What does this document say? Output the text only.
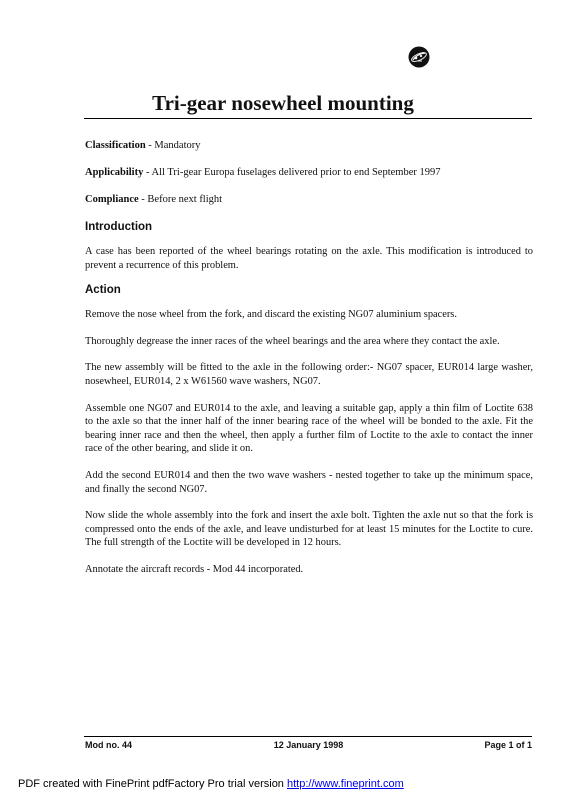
Tri-gear nosewheel mounting

Classification - Mandatory

Applicability - All Tri-gear Europa fuselages delivered prior to end September 1997

Compliance - Before next flight

Introduction

A case has been reported of the wheel bearings rotating on the axle. This modification is introduced to prevent a recurrence of this problem.

Action

Remove the nose wheel from the fork, and discard the existing NG07 aluminium spacers.

Thoroughly degrease the inner races of the wheel bearings and the area where they contact the axle.

The new assembly will be fitted to the axle in the following order:- NG07 spacer, EUR014 large washer, nosewheel, EUR014, 2 x W61560 wave washers, NG07.

Assemble one NG07 and EUR014 to the axle, and leaving a suitable gap, apply a thin film of Loctite 638 to the axle so that the inner half of the inner bearing race of the wheel will be bonded to the axle. Fit the bearing inner race and then the wheel, then apply a further film of Loctite to the axle to contact the inner race of the other bearing, and slide it on.

Add the second EUR014 and then the two wave washers - nested together to take up the minimum space, and finally the second NG07.

Now slide the whole assembly into the fork and insert the axle bolt. Tighten the axle nut so that the fork is compressed onto the ends of the axle, and leave undisturbed for at least 15 minutes for the Loctite to cure. The full strength of the Loctite will be developed in 12 hours.

Annotate the aircraft records - Mod 44 incorporated.

Mod no. 44	12 January 1998	Page 1 of 1
PDF created with FinePrint pdfFactory Pro trial version http://www.fineprint.com
